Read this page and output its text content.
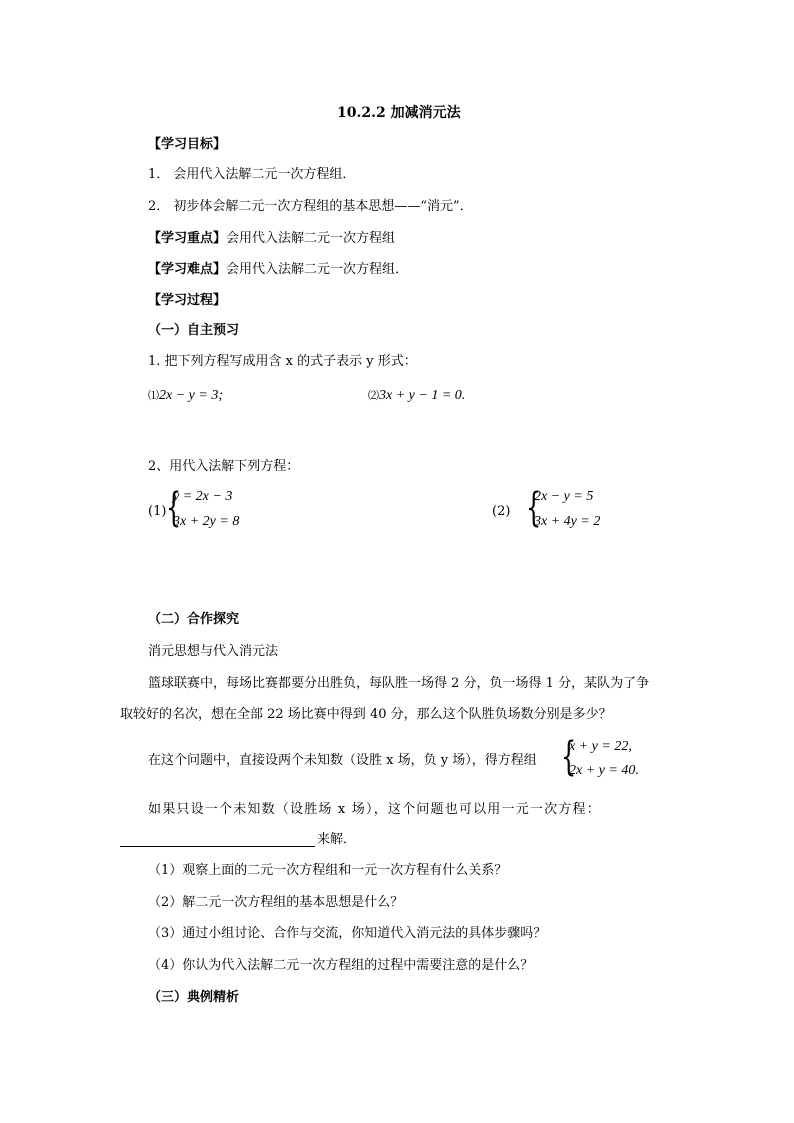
10.2.2 加减消元法
【学习目标】
1． 会用代入法解二元一次方程组．
2． 初步体会解二元一次方程组的基本思想——“消元”．
【学习重点】会用代入法解二元一次方程组
【学习难点】会用代入法解二元一次方程组．
【学习过程】
（一）自主预习
1. 把下列方程写成用含 x 的式子表示 y 形式：
⑴2x − y = 3;	⑵3x + y − 1 = 0.
2、用代入法解下列方程：
(1) {
y = 2x − 3
3x + 2y = 8
(2) {
2x − y = 5
3x + 4y = 2
（二）合作探究
消元思想与代入消元法
篮球联赛中，每场比赛都要分出胜负，每队胜一场得 2 分，负一场得 1 分，某队为了争
取较好的名次，想在全部 22 场比赛中得到 40 分，那么这个队胜负场数分别是多少？
在这个问题中，直接设两个未知数（设胜 x 场，负 y 场），得方程组 {
x + y = 22,
2x + y = 40.
如果只设一个未知数（设胜场 x 场），这个问题也可以用一元一次方程：
来解．
（1）观察上面的二元一次方程组和一元一次方程有什么关系？
（2）解二元一次方程组的基本思想是什么？
（3）通过小组讨论、合作与交流，你知道代入消元法的具体步骤吗？
（4）你认为代入法解二元一次方程组的过程中需要注意的是什么？
（三）典例精析
